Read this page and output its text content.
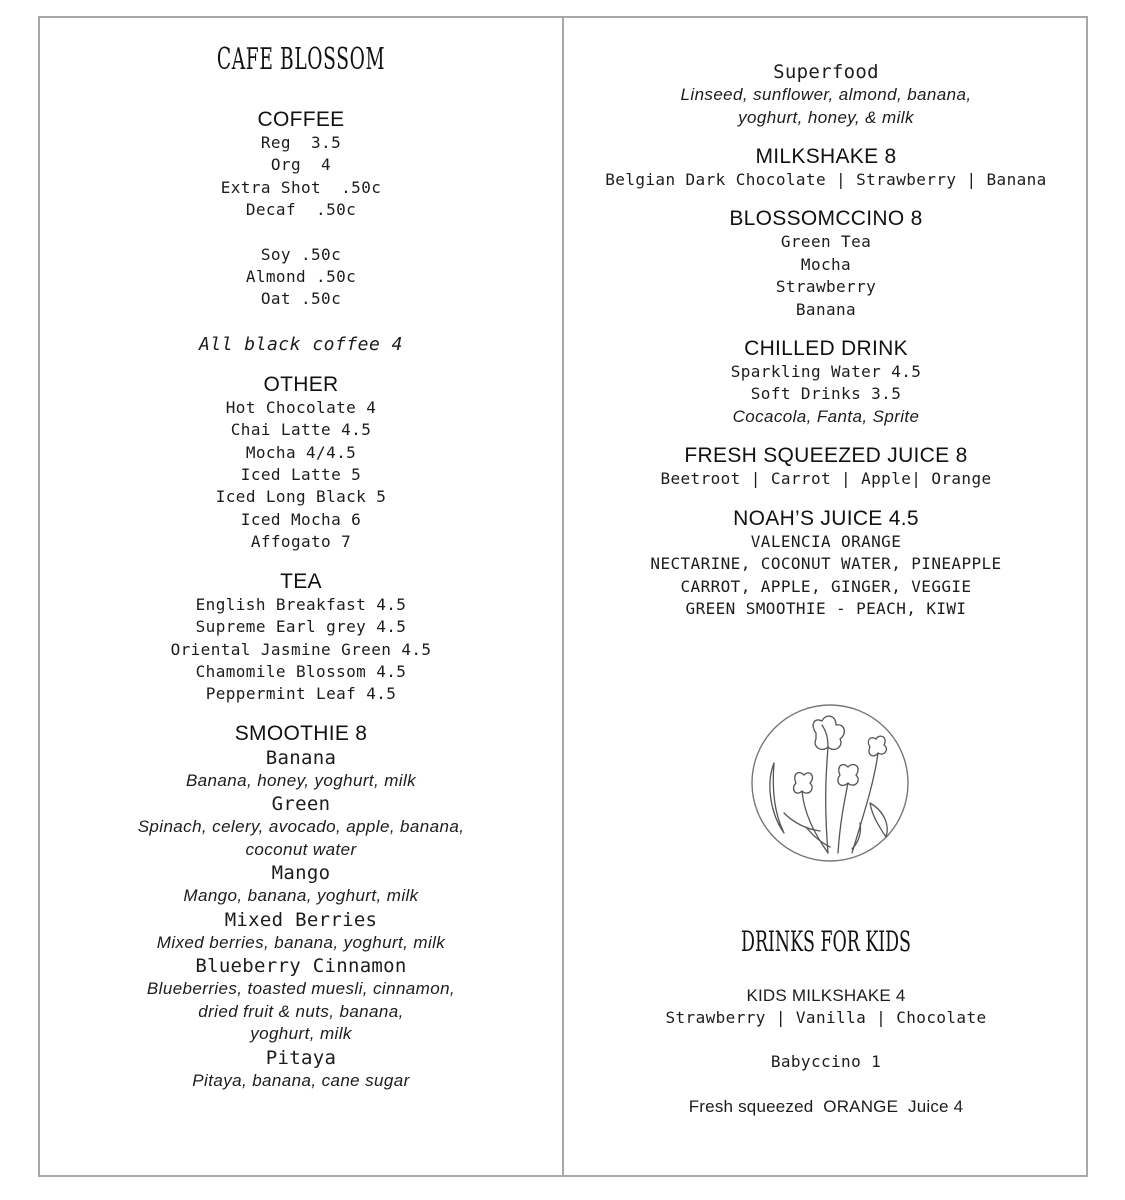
CAFE BLOSSOM
COFFEE
Reg  3.5
Org  4
Extra Shot  .50c
Decaf  .50c
Soy .50c
Almond .50c
Oat .50c
All black coffee 4
OTHER
Hot Chocolate 4
Chai Latte 4.5
Mocha 4/4.5
Iced Latte 5
Iced Long Black 5
Iced Mocha 6
Affogato 7
TEA
English Breakfast 4.5
Supreme Earl grey 4.5
Oriental Jasmine Green 4.5
Chamomile Blossom 4.5
Peppermint Leaf 4.5
SMOOTHIE 8
Banana
Banana, honey, yoghurt, milk
Green
Spinach, celery, avocado, apple, banana,
coconut water
Mango
Mango, banana, yoghurt, milk
Mixed Berries
Mixed berries, banana, yoghurt, milk
Blueberry Cinnamon
Blueberries, toasted muesli, cinnamon,
dried fruit & nuts, banana,
yoghurt, milk
Pitaya
Pitaya, banana, cane sugar
Superfood
Linseed, sunflower, almond, banana,
yoghurt, honey, & milk
MILKSHAKE 8
Belgian Dark Chocolate | Strawberry | Banana
BLOSSOMCCINO 8
Green Tea
Mocha
Strawberry
Banana
CHILLED DRINK
Sparkling Water 4.5
Soft Drinks 3.5
Cocacola, Fanta, Sprite
FRESH SQUEEZED JUICE 8
Beetroot | Carrot | Apple| Orange
NOAH’S JUICE 4.5
VALENCIA ORANGE
NECTARINE, COCONUT WATER, PINEAPPLE
CARROT, APPLE, GINGER, VEGGIE
GREEN SMOOTHIE - PEACH, KIWI
DRINKS FOR KIDS
KIDS MILKSHAKE 4
Strawberry | Vanilla | Chocolate
Babyccino 1
Fresh squeezed  ORANGE  Juice 4
